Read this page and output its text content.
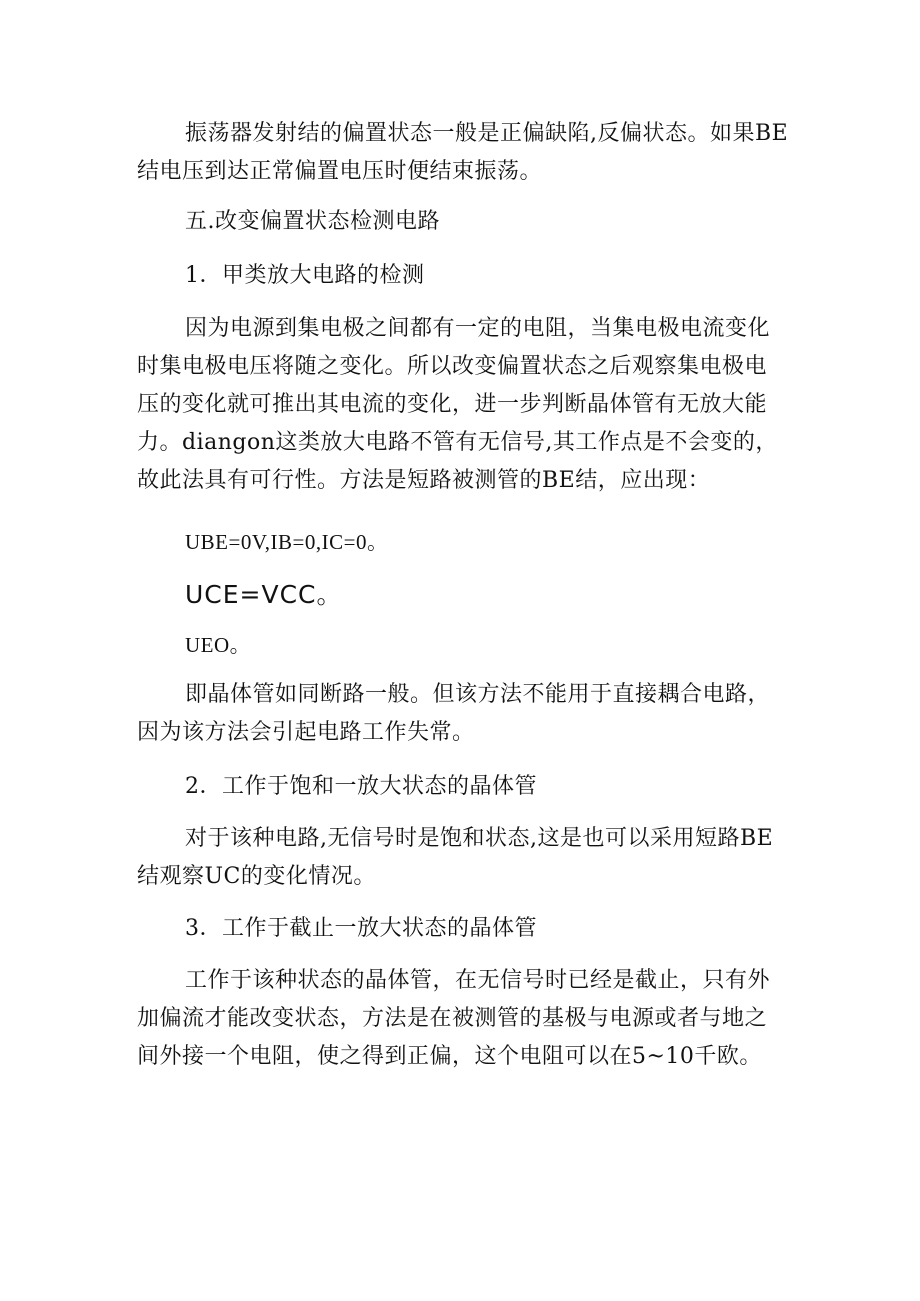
振荡器发射结的偏置状态一般是正偏缺陷,反偏状态。如果BE
结电压到达正常偏置电压时便结束振荡。
五.改变偏置状态检测电路
1．甲类放大电路的检测
因为电源到集电极之间都有一定的电阻，当集电极电流变化
时集电极电压将随之变化。所以改变偏置状态之后观察集电极电
压的变化就可推出其电流的变化，进一步判断晶体管有无放大能
力。diangon这类放大电路不管有无信号,其工作点是不会变的，
故此法具有可行性。方法是短路被测管的BE结，应出现：
UBE=0V,IB=0,IC=0。
UCE=VCC。
UEO。
即晶体管如同断路一般。但该方法不能用于直接耦合电路，
因为该方法会引起电路工作失常。
2．工作于饱和一放大状态的晶体管
对于该种电路,无信号时是饱和状态,这是也可以采用短路BE
结观察UC的变化情况。
3．工作于截止一放大状态的晶体管
工作于该种状态的晶体管，在无信号时已经是截止，只有外
加偏流才能改变状态，方法是在被测管的基极与电源或者与地之
间外接一个电阻，使之得到正偏，这个电阻可以在5~10千欧。
